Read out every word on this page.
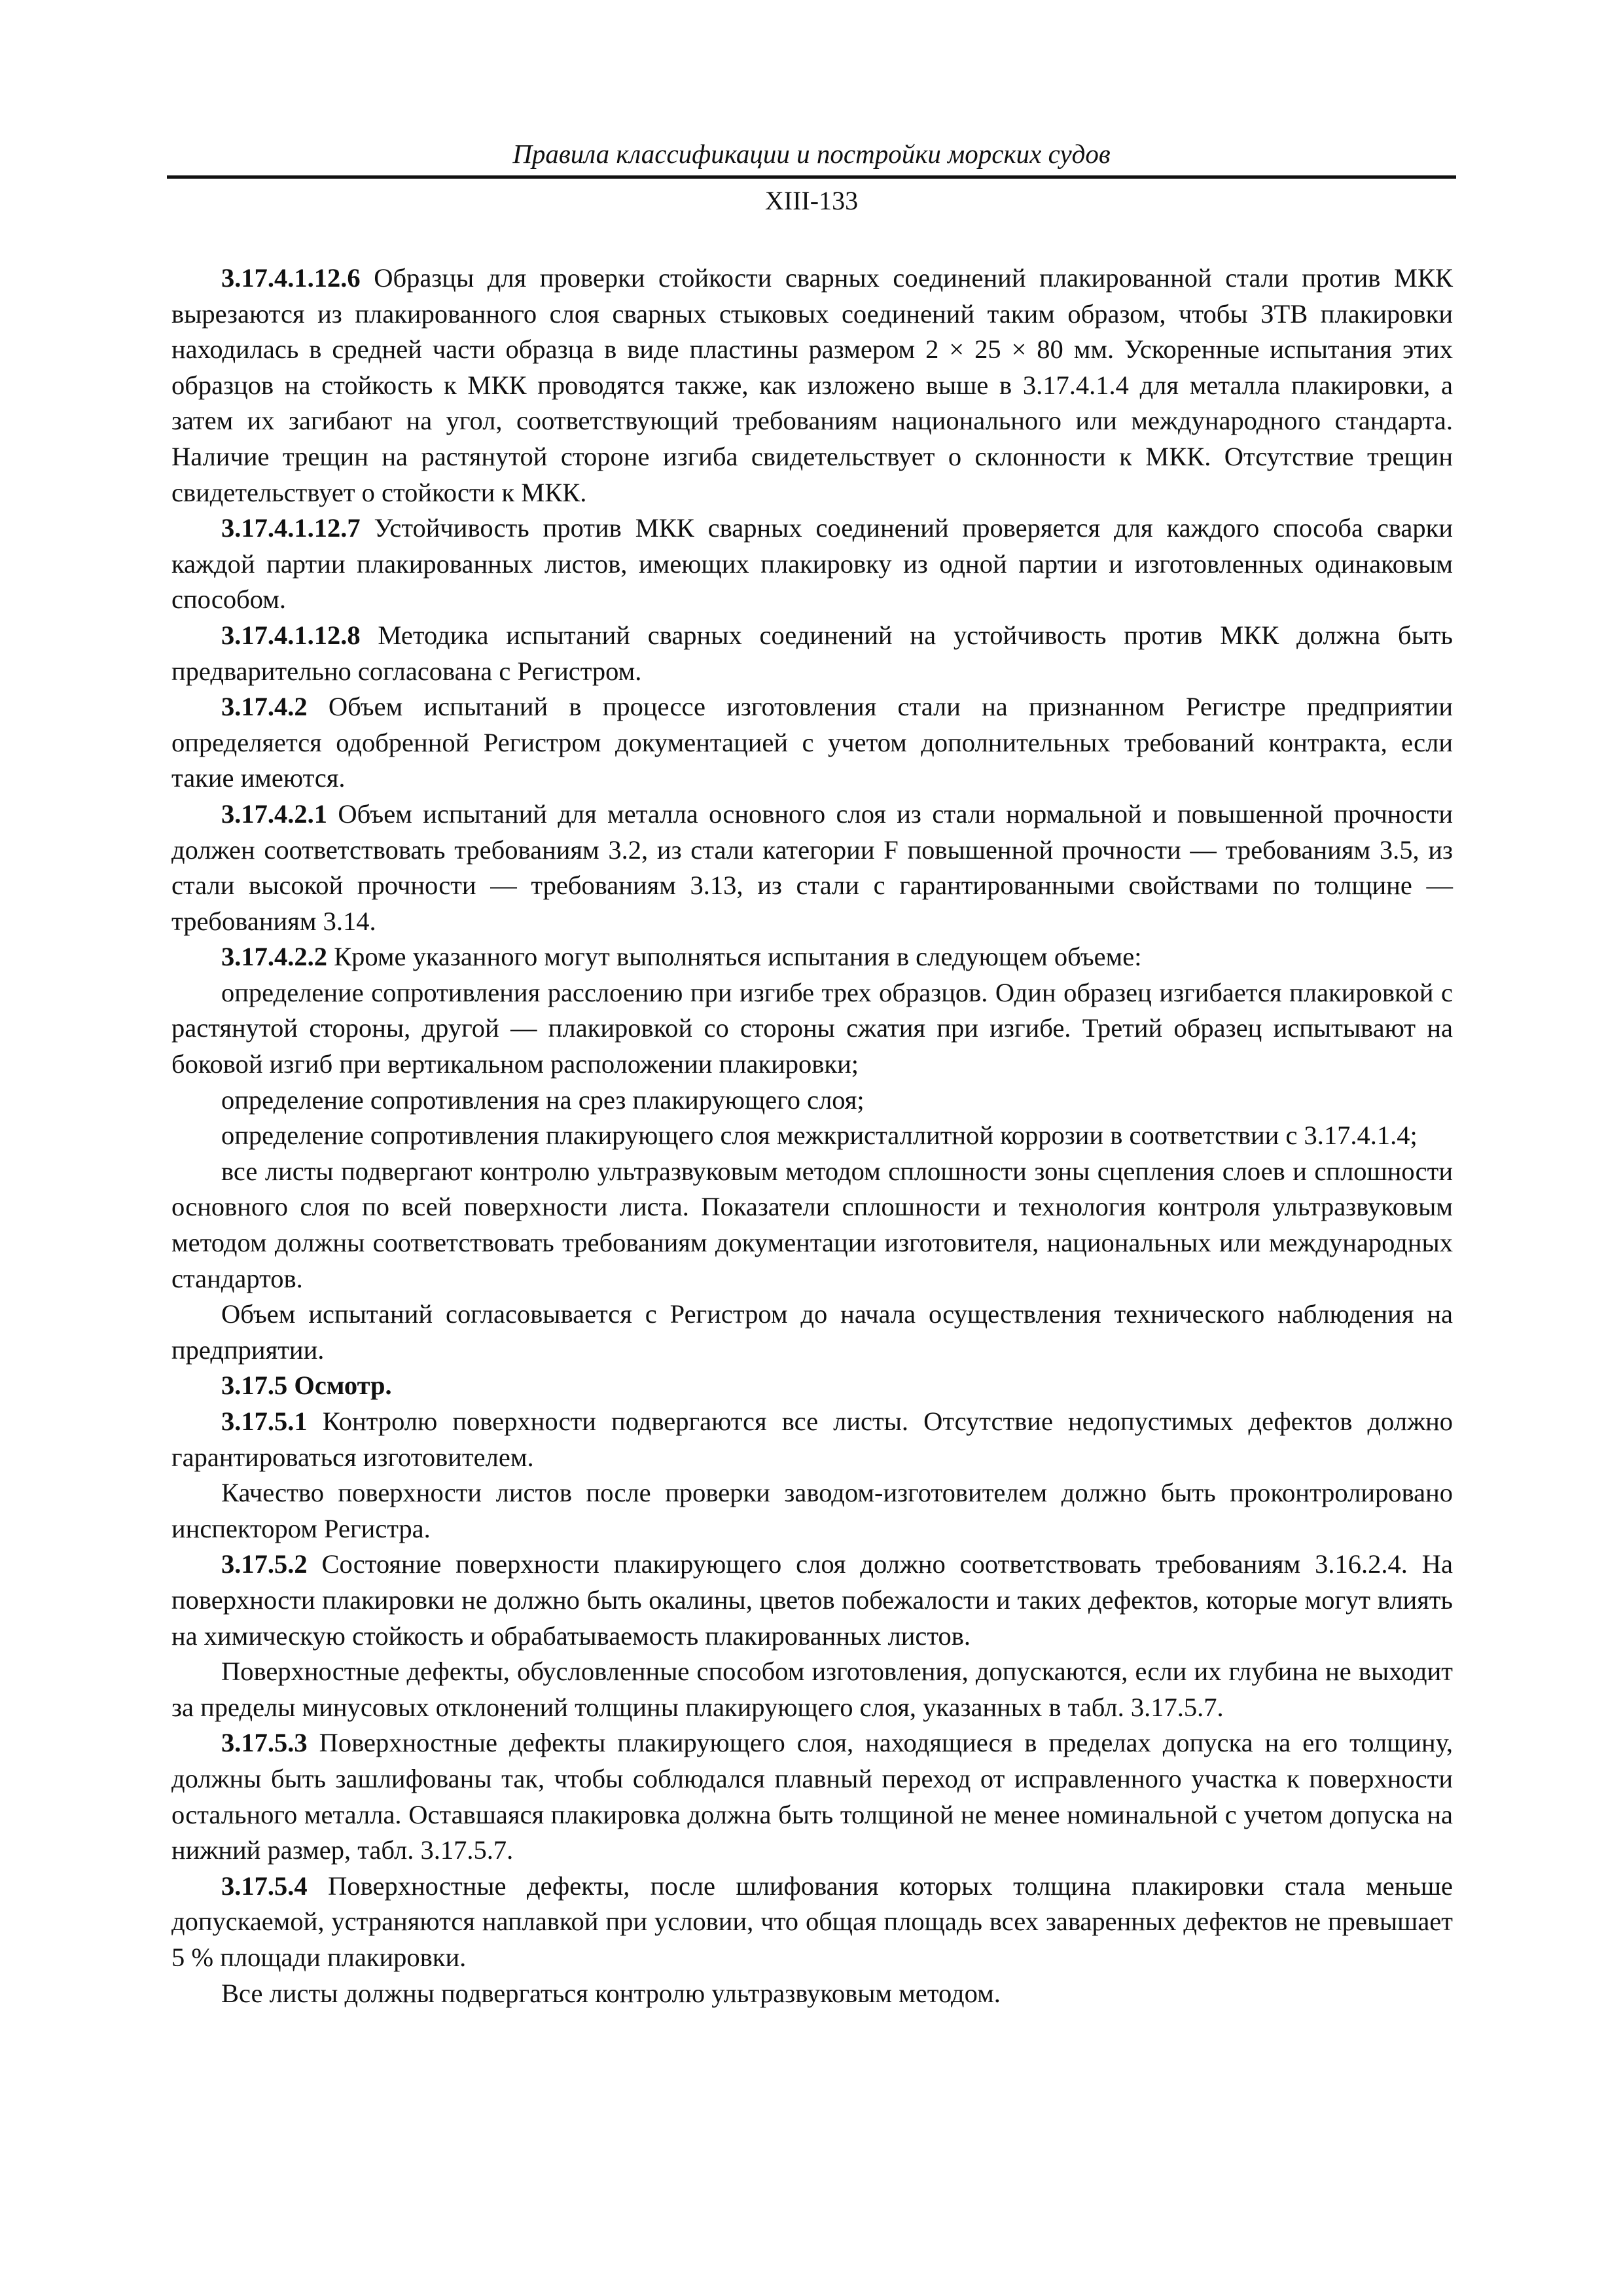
Правила классификации и постройки морских судов
XIII-133

3.17.4.1.12.6 Образцы для проверки стойкости сварных соединений плакированной стали против МКК вырезаются из плакированного слоя сварных стыковых соединений таким образом, чтобы ЗТВ плакировки находилась в средней части образца в виде пластины размером 2 × 25 × 80 мм. Ускоренные испытания этих образцов на стойкость к МКК проводятся также, как изложено выше в 3.17.4.1.4 для металла плакировки, а затем их загибают на угол, соответствующий требованиям национального или международного стандарта. Наличие трещин на растянутой стороне изгиба свидетельствует о склонности к МКК. Отсутствие трещин свидетельствует о стойкости к МКК.

3.17.4.1.12.7 Устойчивость против МКК сварных соединений проверяется для каждого способа сварки каждой партии плакированных листов, имеющих плакировку из одной партии и изготовленных одинаковым способом.

3.17.4.1.12.8 Методика испытаний сварных соединений на устойчивость против МКК должна быть предварительно согласована с Регистром.

3.17.4.2 Объем испытаний в процессе изготовления стали на признанном Регистре предприятии определяется одобренной Регистром документацией с учетом дополнительных требований контракта, если такие имеются.

3.17.4.2.1 Объем испытаний для металла основного слоя из стали нормальной и повышенной прочности должен соответствовать требованиям 3.2, из стали категории F повышенной прочности — требованиям 3.5, из стали высокой прочности — требованиям 3.13, из стали с гарантированными свойствами по толщине — требованиям 3.14.

3.17.4.2.2 Кроме указанного могут выполняться испытания в следующем объеме:

определение сопротивления расслоению при изгибе трех образцов. Один образец изгибается плакировкой с растянутой стороны, другой — плакировкой со стороны сжатия при изгибе. Третий образец испытывают на боковой изгиб при вертикальном расположении плакировки;

определение сопротивления на срез плакирующего слоя;

определение сопротивления плакирующего слоя межкристаллитной коррозии в соответствии с 3.17.4.1.4;

все листы подвергают контролю ультразвуковым методом сплошности зоны сцепления слоев и сплошности основного слоя по всей поверхности листа. Показатели сплошности и технология контроля ультразвуковым методом должны соответствовать требованиям документации изготовителя, национальных или международных стандартов.

Объем испытаний согласовывается с Регистром до начала осуществления технического наблюдения на предприятии.

3.17.5 Осмотр.

3.17.5.1 Контролю поверхности подвергаются все листы. Отсутствие недопустимых дефектов должно гарантироваться изготовителем.

Качество поверхности листов после проверки заводом-изготовителем должно быть проконтролировано инспектором Регистра.

3.17.5.2 Состояние поверхности плакирующего слоя должно соответствовать требованиям 3.16.2.4. На поверхности плакировки не должно быть окалины, цветов побежалости и таких дефектов, которые могут влиять на химическую стойкость и обрабатываемость плакированных листов.

Поверхностные дефекты, обусловленные способом изготовления, допускаются, если их глубина не выходит за пределы минусовых отклонений толщины плакирующего слоя, указанных в табл. 3.17.5.7.

3.17.5.3 Поверхностные дефекты плакирующего слоя, находящиеся в пределах допуска на его толщину, должны быть зашлифованы так, чтобы соблюдался плавный переход от исправленного участка к поверхности остального металла. Оставшаяся плакировка должна быть толщиной не менее номинальной с учетом допуска на нижний размер, табл. 3.17.5.7.

3.17.5.4 Поверхностные дефекты, после шлифования которых толщина плакировки стала меньше допускаемой, устраняются наплавкой при условии, что общая площадь всех заваренных дефектов не превышает 5 % площади плакировки.

Все листы должны подвергаться контролю ультразвуковым методом.
